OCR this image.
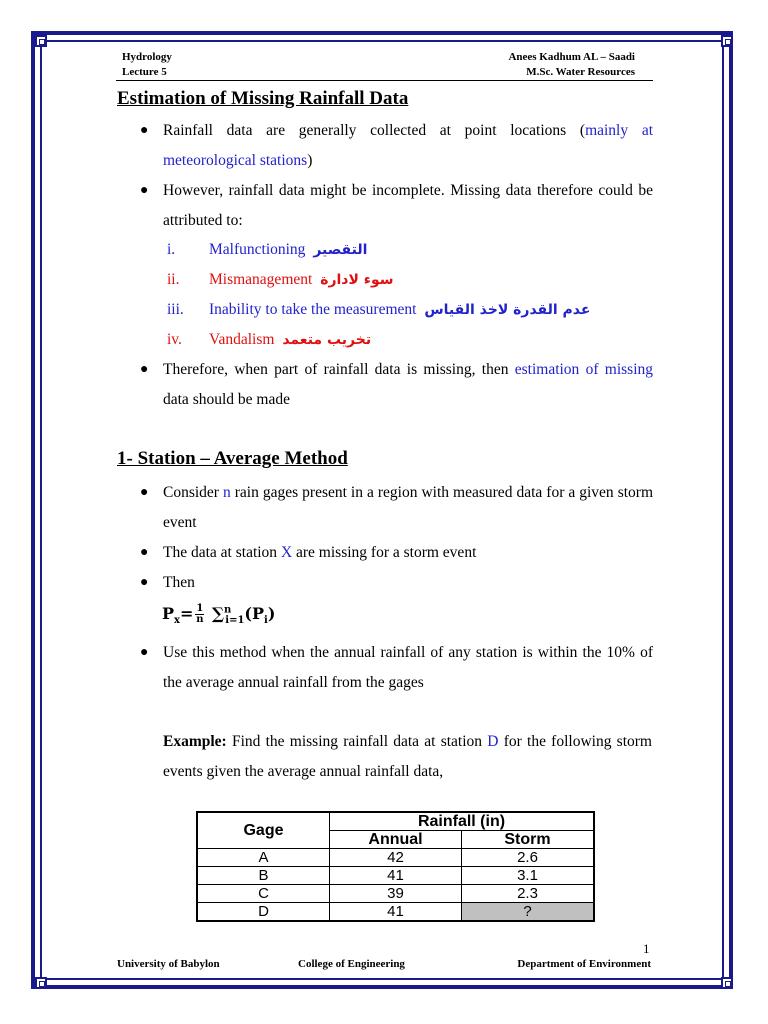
Hydrology
Lecture 5
Anees Kadhum AL – Saadi
M.Sc. Water Resources
Estimation of Missing Rainfall Data
● Rainfall data are generally collected at point locations (mainly at meteorological stations)
● However, rainfall data might be incomplete. Missing data therefore could be attributed to:
i. Malfunctioning التقصير
ii. Mismanagement سوء لادارة
iii. Inability to take the measurement عدم القدرة لاخذ القياس
iv. Vandalism تخريب متعمد
● Therefore, when part of rainfall data is missing, then estimation of missing data should be made
1- Station – Average Method
● Consider n rain gages present in a region with measured data for a given storm event
● The data at station X are missing for a storm event
● Then
$P_x= \frac{1}{n} \sum^n_{i=1}(P_i)$
● Use this method when the annual rainfall of any station is within the 10% of the average annual rainfall from the gages
Example: Find the missing rainfall data at station D for the following storm events given the average annual rainfall data,
Gage	Rainfall (in)	
	Annual	Storm
A	42	2.6
B	41	3.1
C	39	2.3
D	41	?
1
University of Babylon	College of Engineering	Department of Environment
